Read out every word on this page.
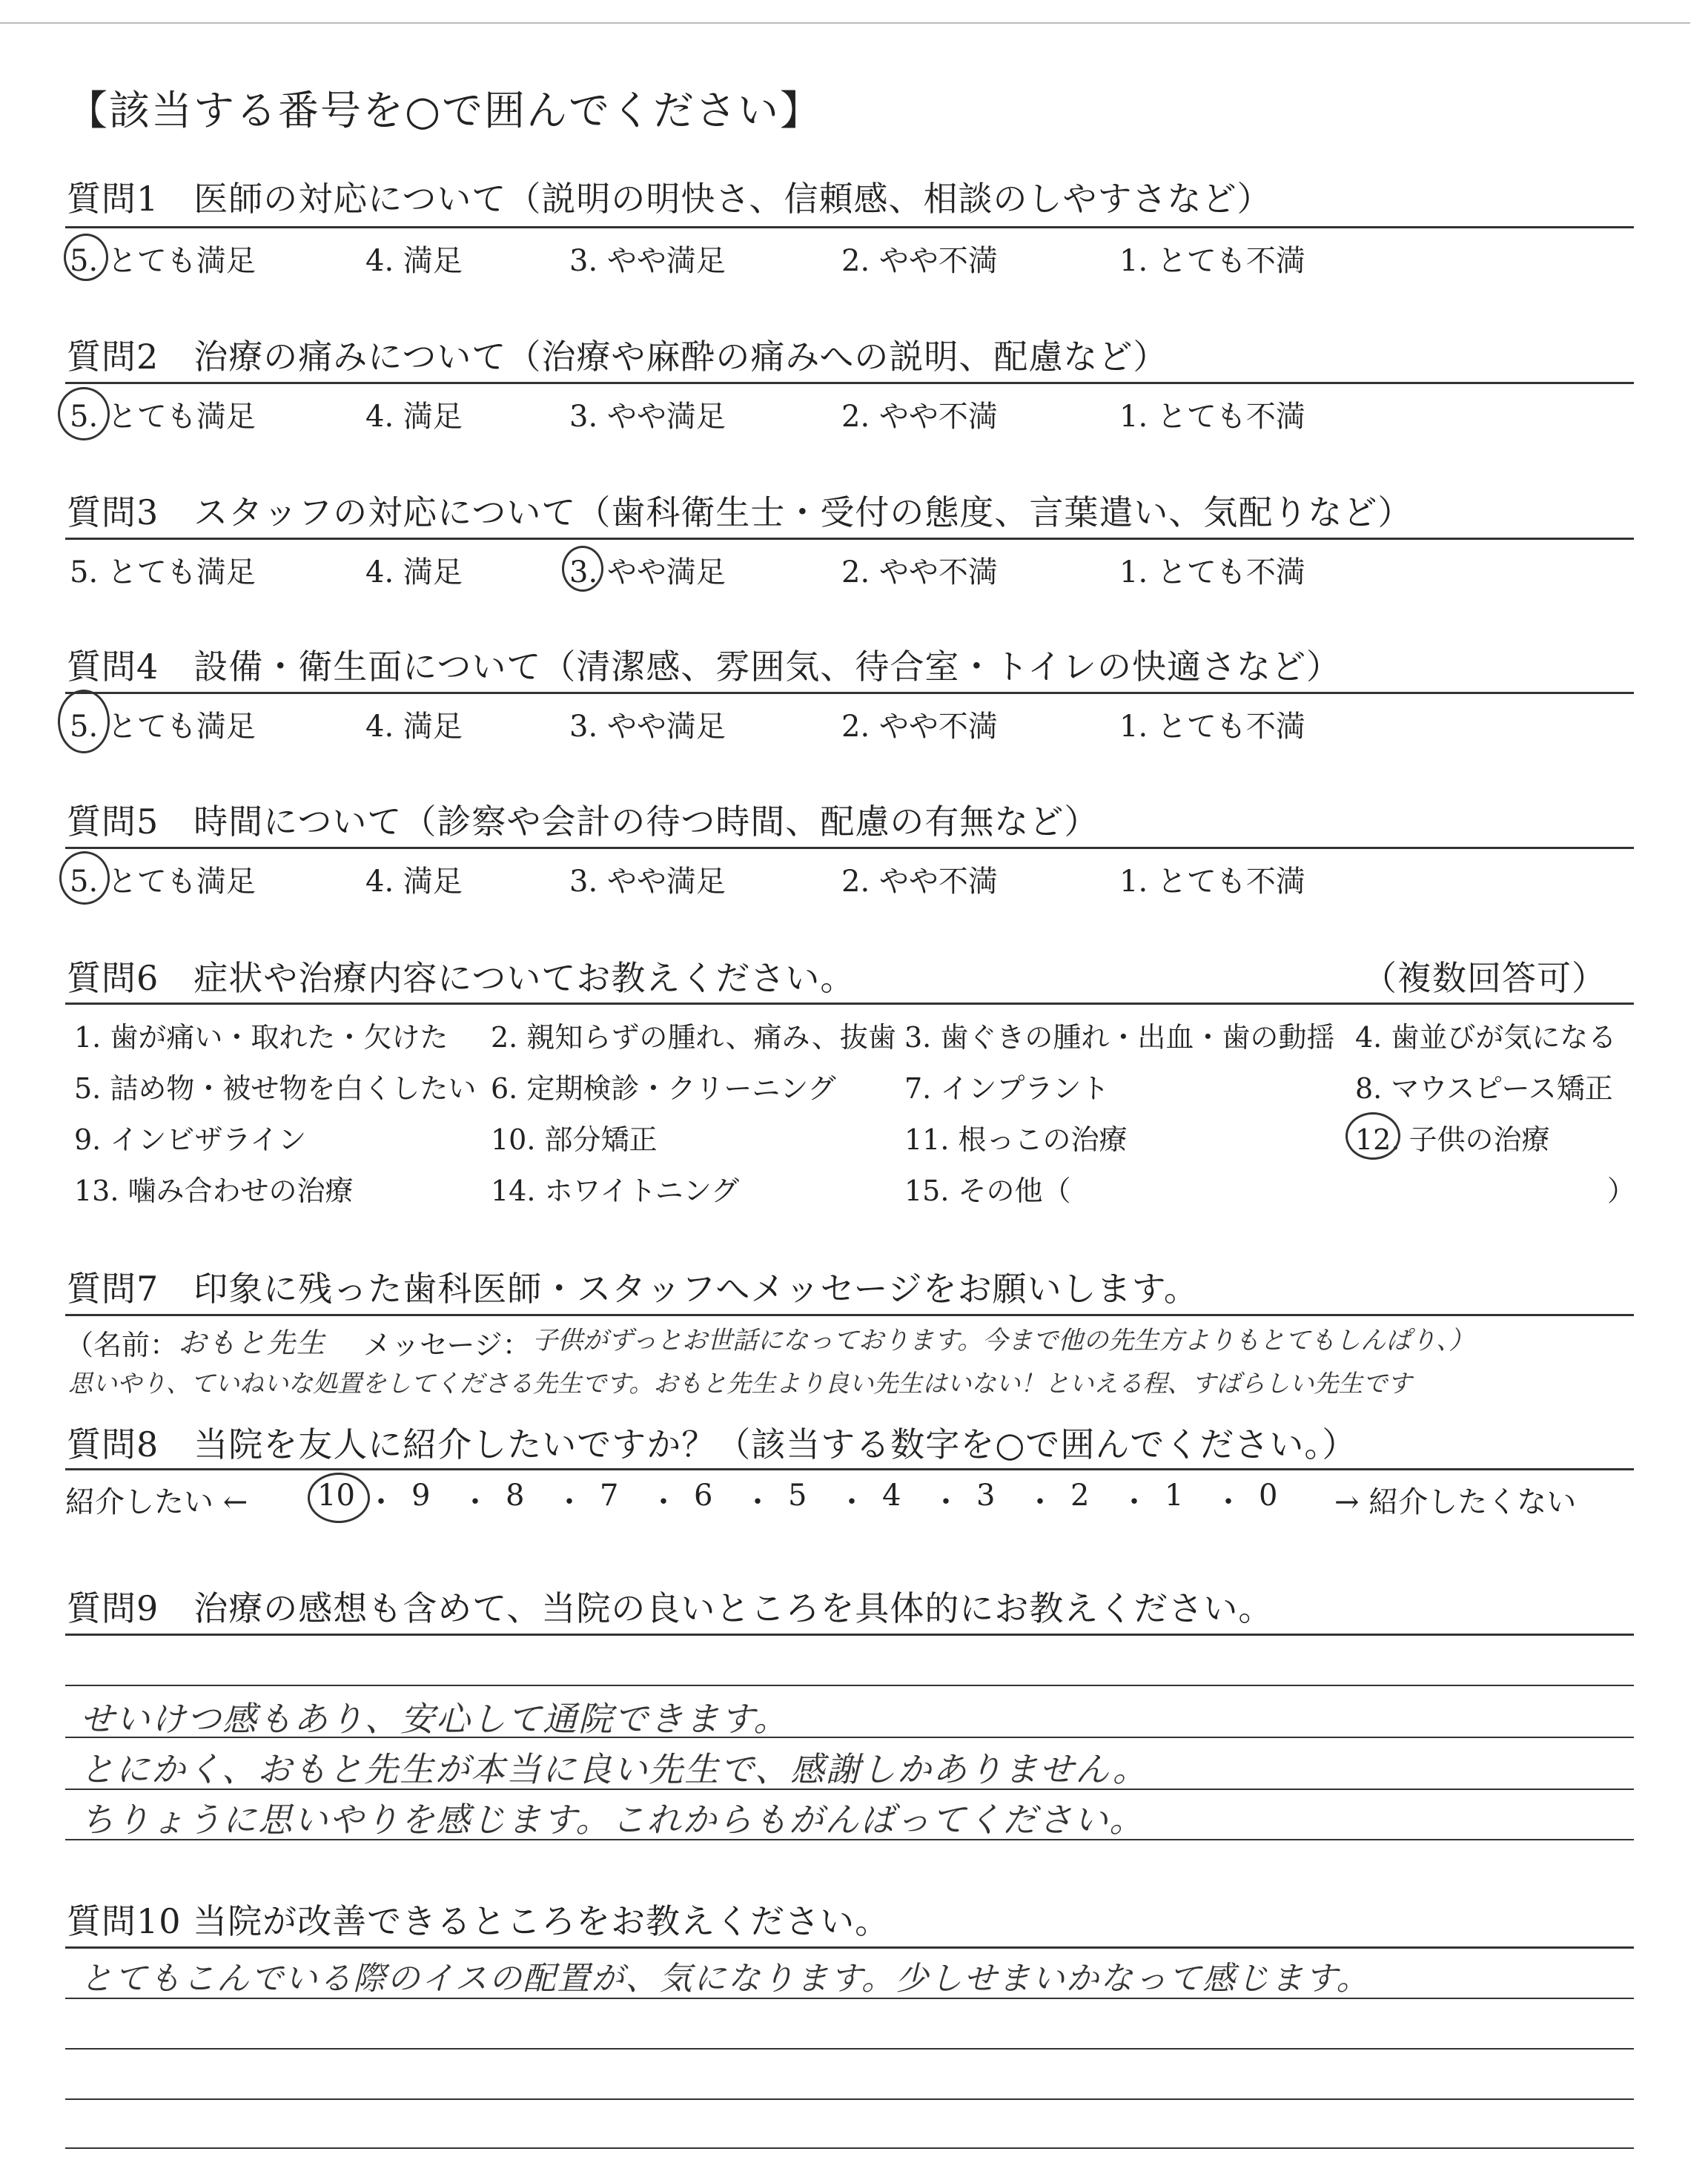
【該当する番号を○で囲んでください】
質問1　医師の対応について（説明の明快さ、信頼感、相談のしやすさなど）
5. とても満足	4. 満足	3. やや満足	2. やや不満	1. とても不満
質問2　治療の痛みについて（治療や麻酔の痛みへの説明、配慮など）
5. とても満足	4. 満足	3. やや満足	2. やや不満	1. とても不満
質問3　スタッフの対応について（歯科衛生士・受付の態度、言葉遣い、気配りなど）
5. とても満足	4. 満足	3. やや満足	2. やや不満	1. とても不満
質問4　設備・衛生面について（清潔感、雰囲気、待合室・トイレの快適さなど）
5. とても満足	4. 満足	3. やや満足	2. やや不満	1. とても不満
質問5　時間について（診察や会計の待つ時間、配慮の有無など）
5. とても満足	4. 満足	3. やや満足	2. やや不満	1. とても不満
質問6　症状や治療内容についてお教えください。	（複数回答可）
1. 歯が痛い・取れた・欠けた 2. 親知らずの腫れ、痛み、抜歯 3. 歯ぐきの腫れ・出血・歯の動揺 4. 歯並びが気になる
5. 詰め物・被せ物を白くしたい 6. 定期検診・クリーニング 7. インプラント	8. マウスピース矯正
9. インビザライン	10. 部分矯正	11. 根っこの治療	12. 子供の治療
13. 噛み合わせの治療	14. ホワイトニング	15. その他（	）
質問7　印象に残った歯科医師・スタッフへメッセージをお願いします。
（名前： おもと先生 メッセージ： 子供がずっとお世話になっております。今まで他の先生方よりもとてもしんぱり、）
思いやり、ていねいな処置をしてくださる先生です。おもと先生より良い先生はいない！といえる程、すばらしい先生です
質問8　当院を友人に紹介したいですか？（該当する数字を○で囲んでください。）
紹介したい ← 10 ・ 9 ・ 8 ・ 7 ・ 6 ・ 5 ・ 4 ・ 3 ・ 2 ・ 1 ・ 0 → 紹介したくない
質問9　治療の感想も含めて、当院の良いところを具体的にお教えください。
せいけつ感もあり、安心して通院できます。
とにかく、おもと先生が本当に良い先生で、感謝しかありません。
ちりょうに思いやりを感じます。これからもがんばってください。
質問10 当院が改善できるところをお教えください。
とてもこんでいる際のイスの配置が、気になります。少しせまいかなって感じます。
